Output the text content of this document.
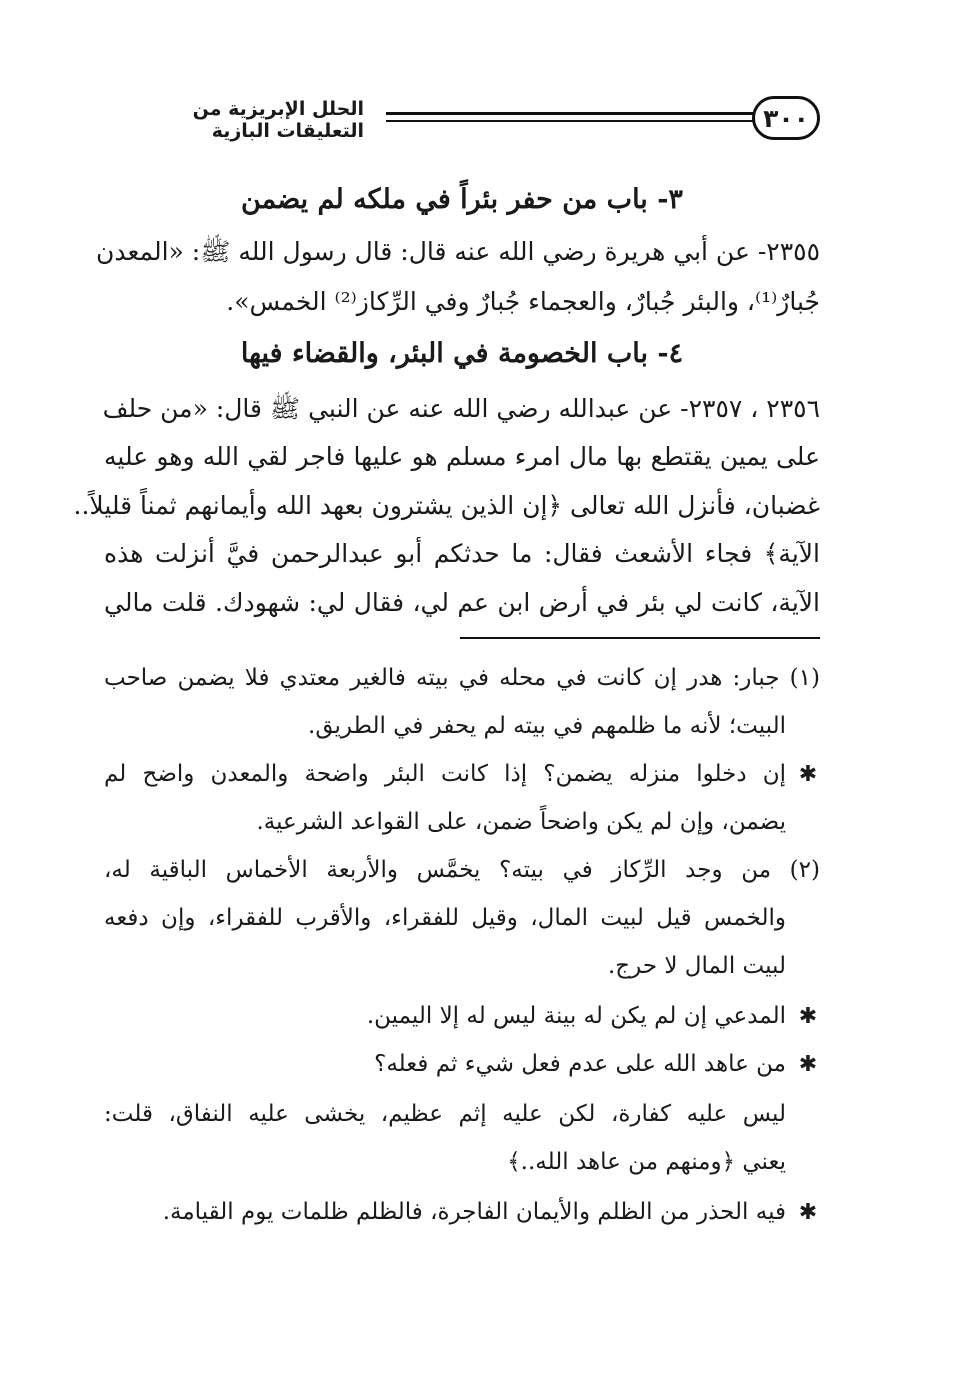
٣٠٠
الحلل الإبريزية من التعليقات البازية
٣- باب من حفر بئراً في ملكه لم يضمن
٢٣٥٥- عن أبي هريرة رضي الله عنه قال: قال رسول الله ﷺ: «المعدن
جُبارٌ⁽¹⁾، والبئر جُبارٌ، والعجماء جُبارٌ وفي الرِّكاز⁽²⁾ الخمس».
٤- باب الخصومة في البئر، والقضاء فيها
٢٣٥٦ ، ٢٣٥٧- عن عبدالله رضي الله عنه عن النبي ﷺ قال: «من حلف
على يمين يقتطع بها مال امرء مسلم هو عليها فاجر لقي الله وهو عليه
غضبان، فأنزل الله تعالى ﴿إن الذين يشترون بعهد الله وأيمانهم ثمناً قليلاً..
الآية﴾ فجاء الأشعث فقال: ما حدثكم أبو عبدالرحمن فيَّ أنزلت هذه
الآية، كانت لي بئر في أرض ابن عم لي، فقال لي: شهودك. قلت مالي
(١) جبار: هدر إن كانت في محله في بيته فالغير معتدي فلا يضمن صاحب
البيت؛ لأنه ما ظلمهم في بيته لم يحفر في الطريق.
✱
إن دخلوا منزله يضمن؟ إذا كانت البئر واضحة والمعدن واضح لم
يضمن، وإن لم يكن واضحاً ضمن، على القواعد الشرعية.
(٢) من وجد الرِّكاز في بيته؟ يخمَّس والأربعة الأخماس الباقية له،
والخمس قيل لبيت المال، وقيل للفقراء، والأقرب للفقراء، وإن دفعه
لبيت المال لا حرج.
✱
المدعي إن لم يكن له بينة ليس له إلا اليمين.
✱
من عاهد الله على عدم فعل شيء ثم فعله؟
ليس عليه كفارة، لكن عليه إثم عظيم، يخشى عليه النفاق، قلت:
يعني ﴿ومنهم من عاهد الله..﴾
✱
فيه الحذر من الظلم والأيمان الفاجرة، فالظلم ظلمات يوم القيامة.
